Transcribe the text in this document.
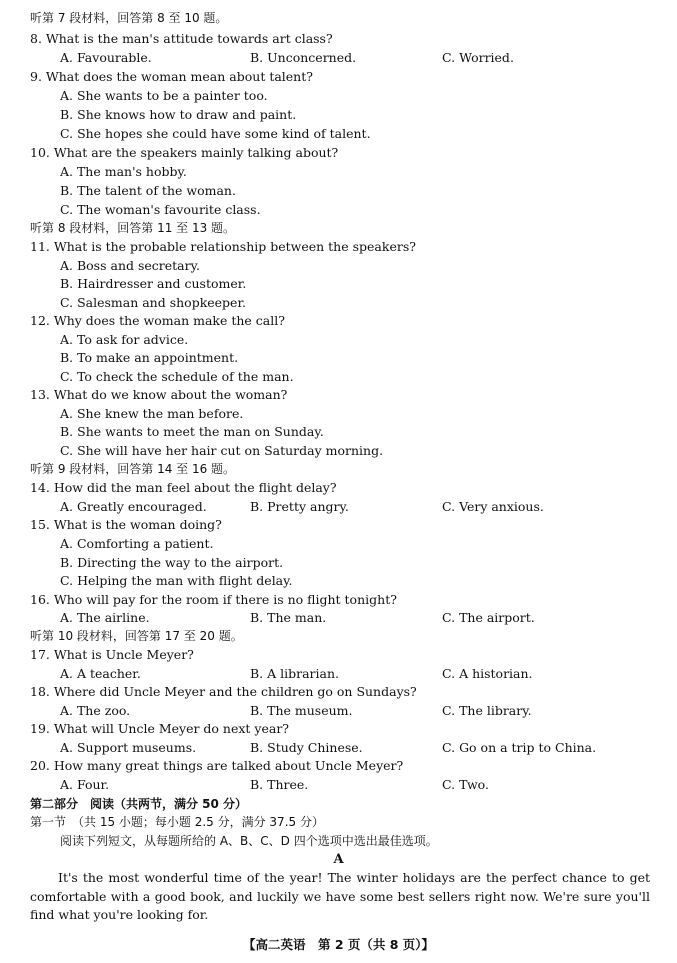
听第 7 段材料，回答第 8 至 10 题。
8. What is the man's attitude towards art class?
A. Favourable.	B. Unconcerned.	C. Worried.
9. What does the woman mean about talent?
A. She wants to be a painter too.
B. She knows how to draw and paint.
C. She hopes she could have some kind of talent.
10. What are the speakers mainly talking about?
A. The man's hobby.
B. The talent of the woman.
C. The woman's favourite class.
听第 8 段材料，回答第 11 至 13 题。
11. What is the probable relationship between the speakers?
A. Boss and secretary.
B. Hairdresser and customer.
C. Salesman and shopkeeper.
12. Why does the woman make the call?
A. To ask for advice.
B. To make an appointment.
C. To check the schedule of the man.
13. What do we know about the woman?
A. She knew the man before.
B. She wants to meet the man on Sunday.
C. She will have her hair cut on Saturday morning.
听第 9 段材料，回答第 14 至 16 题。
14. How did the man feel about the flight delay?
A. Greatly encouraged.	B. Pretty angry.	C. Very anxious.
15. What is the woman doing?
A. Comforting a patient.
B. Directing the way to the airport.
C. Helping the man with flight delay.
16. Who will pay for the room if there is no flight tonight?
A. The airline.	B. The man.	C. The airport.
听第 10 段材料，回答第 17 至 20 题。
17. What is Uncle Meyer?
A. A teacher.	B. A librarian.	C. A historian.
18. Where did Uncle Meyer and the children go on Sundays?
A. The zoo.	B. The museum.	C. The library.
19. What will Uncle Meyer do next year?
A. Support museums.	B. Study Chinese.	C. Go on a trip to China.
20. How many great things are talked about Uncle Meyer?
A. Four.	B. Three.	C. Two.
第二部分　阅读（共两节，满分 50 分）
第一节　（共 15 小题；每小题 2.5 分，满分 37.5 分）
阅读下列短文，从每题所给的 A、B、C、D 四个选项中选出最佳选项。
A
It's the most wonderful time of the year! The winter holidays are the perfect chance to get comfortable with a good book, and luckily we have some best sellers right now. We're sure you'll find what you're looking for.
【高二英语　第 2 页（共 8 页）】
